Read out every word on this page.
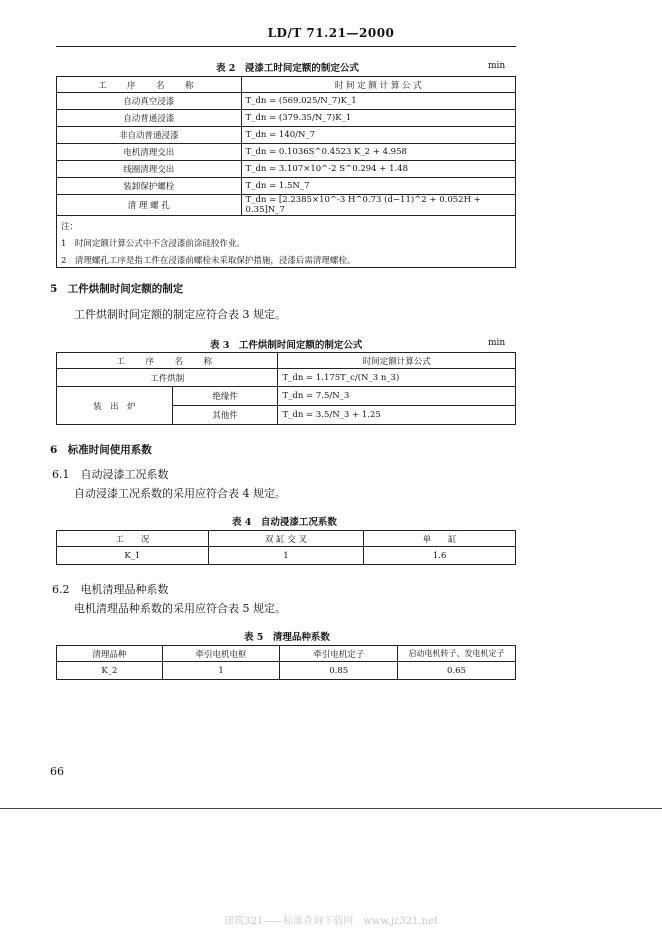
LD/T 71.21—2000
表 2　浸漆工时间定额的制定公式	min
工　序　名　称	时 间 定 额 计 算 公 式
自动真空浸漆	T_dn = (569.025/N_7)K_1
自动普通浸漆	T_dn = (379.35/N_7)K_1
非自动普通浸漆	T_dn = 140/N_7
电机清理交出	T_dn = 0.1036S^0.4523 K_2 + 4.958
线圈清理交出	T_dn = 3.107×10^-2 S^0.294 + 1.48
装卸保护螺栓	T_dn = 1.5N_7
清 理 螺 孔	T_dn = [2.2385×10^-3 H^0.73 (d−11)^2 + 0.052H + 0.35]N_7

注：
1　时间定额计算公式中不含浸漆前涂硅胶作业。
2　清理螺孔工序是指工件在浸漆前螺栓未采取保护措施，浸漆后需清理螺栓。	
5　工件烘制时间定额的制定
工件烘制时间定额的制定应符合表 3 规定。
表 3　工件烘制时间定额的制定公式	min
工　序　名　称		时间定额计算公式
工件烘制		T_dn = 1.175T_c/(N_3 n_3)
装　出　炉	绝缘件	T_dn = 7.5/N_3
	其他件	T_dn = 3.5/N_3 + 1.25
6　标准时间使用系数
6.1　自动浸漆工况系数
自动浸漆工况系数的采用应符合表 4 规定。
表 4　自动浸漆工况系数
工　　况	双 缸 交 叉	单　　缸
K_1	1	1.6
6.2　电机清理品种系数
电机清理品种系数的采用应符合表 5 规定。
表 5　清理品种系数
清理品种	牵引电机电枢	牵引电机定子	启动电机转子、发电机定子
K_2	1	0.85	0.65
66
建筑321——标准查询下载网　www.jz321.net
